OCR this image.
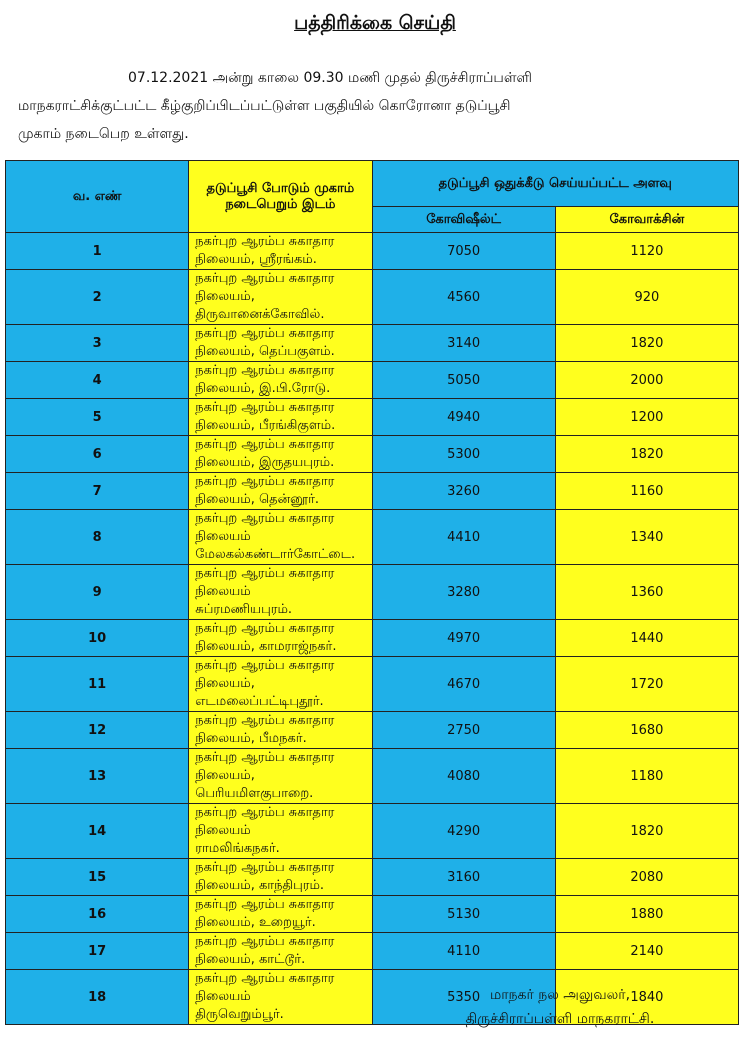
பத்திரிக்கை செய்தி
07.12.2021 அன்று காலை 09.30 மணி முதல் திருச்சிராப்பள்ளி
மாநகராட்சிக்குட்பட்ட கீழ்குறிப்பிடப்பட்டுள்ள பகுதியில் கொரோனா தடுப்பூசி
முகாம் நடைபெற உள்ளது.
வ. எண்	தடுப்பூசி போடும் முகாம் நடைபெறும் இடம்	தடுப்பூசி ஒதுக்கீடு செய்யப்பட்ட அளவு	
		கோவிஷீல்ட்	கோவாக்சின்
1	நகர்புற ஆரம்ப சுகாதார நிலையம், ஸ்ரீரங்கம்.	7050	1120
2	நகர்புற ஆரம்ப சுகாதார நிலையம்,
திருவானைக்கோவில்.	4560	920
3	நகர்புற ஆரம்ப சுகாதார நிலையம், தெப்பகுளம்.	3140	1820
4	நகர்புற ஆரம்ப சுகாதார நிலையம், இ.பி.ரோடு.	5050	2000
5	நகர்புற ஆரம்ப சுகாதார நிலையம், பீரங்கிகுளம்.	4940	1200
6	நகர்புற ஆரம்ப சுகாதார நிலையம், இருதயபுரம்.	5300	1820
7	நகர்புற ஆரம்ப சுகாதார நிலையம், தென்னூர்.	3260	1160
8	நகர்புற ஆரம்ப சுகாதார நிலையம்
மேலகல்கண்டார்கோட்டை.	4410	1340
9	நகர்புற ஆரம்ப சுகாதார நிலையம்
சுப்ரமணியபுரம்.	3280	1360
10	நகர்புற ஆரம்ப சுகாதார நிலையம், காமராஜ்நகர்.	4970	1440
11	நகர்புற ஆரம்ப சுகாதார நிலையம்,
எடமலைப்பட்டிபுதூர்.	4670	1720
12	நகர்புற ஆரம்ப சுகாதார நிலையம், பீமநகர்.	2750	1680
13	நகர்புற ஆரம்ப சுகாதார நிலையம்,
பெரியமிளகுபாறை.	4080	1180
14	நகர்புற ஆரம்ப சுகாதார நிலையம்
ராமலிங்கநகர்.	4290	1820
15	நகர்புற ஆரம்ப சுகாதார நிலையம், காந்திபுரம்.	3160	2080
16	நகர்புற ஆரம்ப சுகாதார நிலையம், உறையூர்.	5130	1880
17	நகர்புற ஆரம்ப சுகாதார நிலையம், காட்டூர்.	4110	2140
18	நகர்புற ஆரம்ப சுகாதார நிலையம்
திருவெறும்பூர்.	5350	1840
மாநகர் நல அலுவலர்,
திருச்சிராப்பள்ளி மாநகராட்சி.
